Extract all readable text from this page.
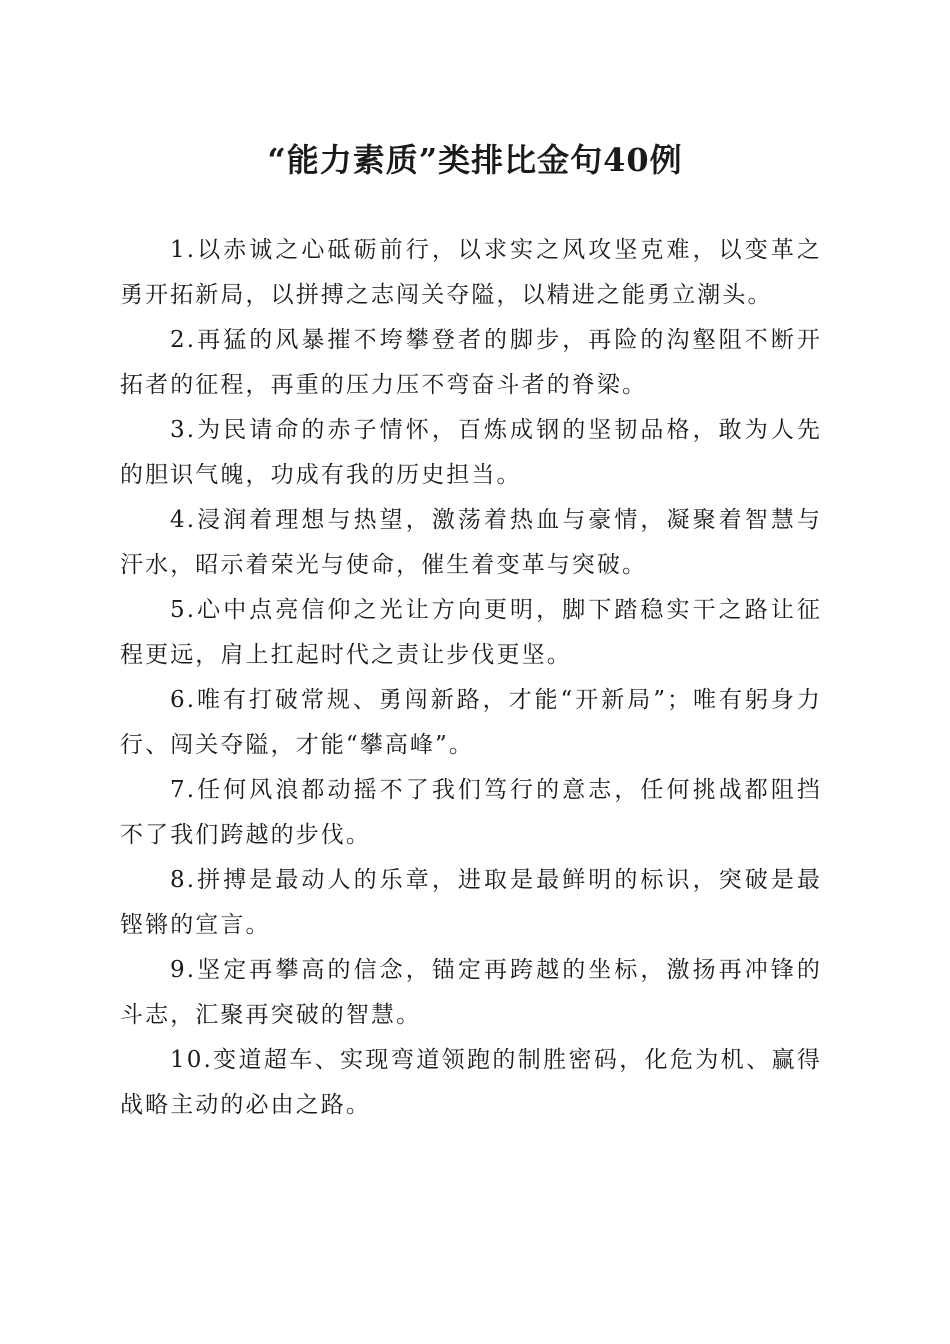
“能力素质”类排比金句40例

1.以赤诚之心砥砺前行，以求实之风攻坚克难，以变革之勇开拓新局，以拼搏之志闯关夺隘，以精进之能勇立潮头。

2.再猛的风暴摧不垮攀登者的脚步，再险的沟壑阻不断开拓者的征程，再重的压力压不弯奋斗者的脊梁。

3.为民请命的赤子情怀，百炼成钢的坚韧品格，敢为人先的胆识气魄，功成有我的历史担当。

4.浸润着理想与热望，激荡着热血与豪情，凝聚着智慧与汗水，昭示着荣光与使命，催生着变革与突破。

5.心中点亮信仰之光让方向更明，脚下踏稳实干之路让征程更远，肩上扛起时代之责让步伐更坚。

6.唯有打破常规、勇闯新路，才能“开新局”；唯有躬身力行、闯关夺隘，才能“攀高峰”。

7.任何风浪都动摇不了我们笃行的意志，任何挑战都阻挡不了我们跨越的步伐。

8.拼搏是最动人的乐章，进取是最鲜明的标识，突破是最铿锵的宣言。

9.坚定再攀高的信念，锚定再跨越的坐标，激扬再冲锋的斗志，汇聚再突破的智慧。

10.变道超车、实现弯道领跑的制胜密码，化危为机、赢得战略主动的必由之路。
